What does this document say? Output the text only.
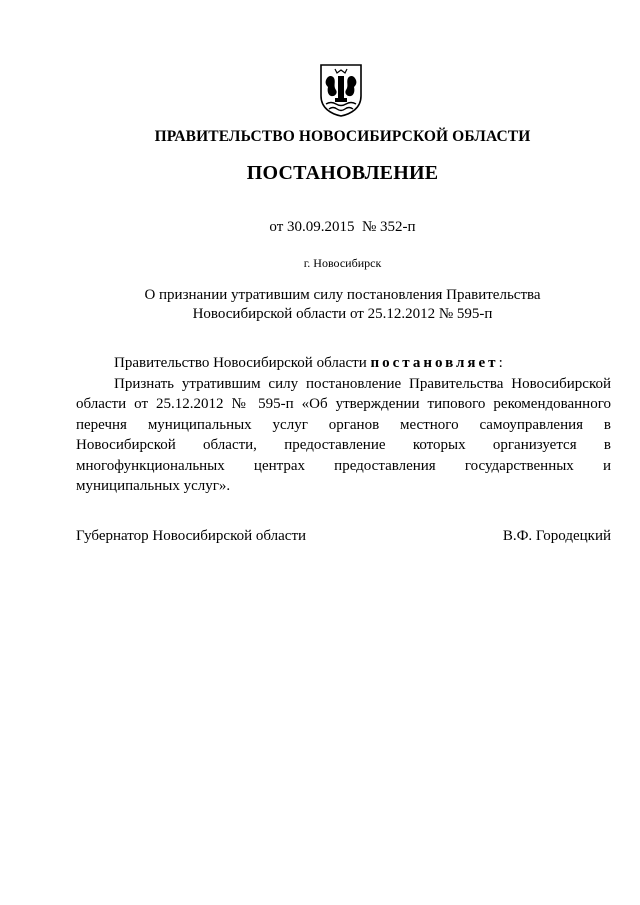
ПРАВИТЕЛЬСТВО НОВОСИБИРСКОЙ ОБЛАСТИ
ПОСТАНОВЛЕНИЕ
от 30.09.2015  № 352-п
г. Новосибирск
О признании утратившим силу постановления Правительства
Новосибирской области от 25.12.2012 № 595-п

Правительство Новосибирской области постановляет:

Признать утратившим силу постановление Правительства Новосибирской области от 25.12.2012 № 595-п «Об утверждении типового рекомендованного перечня муниципальных услуг органов местного самоуправления в Новосибирской области, предоставление которых организуется в многофункциональных центрах предоставления государственных и муниципальных услуг».

Губернатор Новосибирской области	В.Ф. Городецкий
